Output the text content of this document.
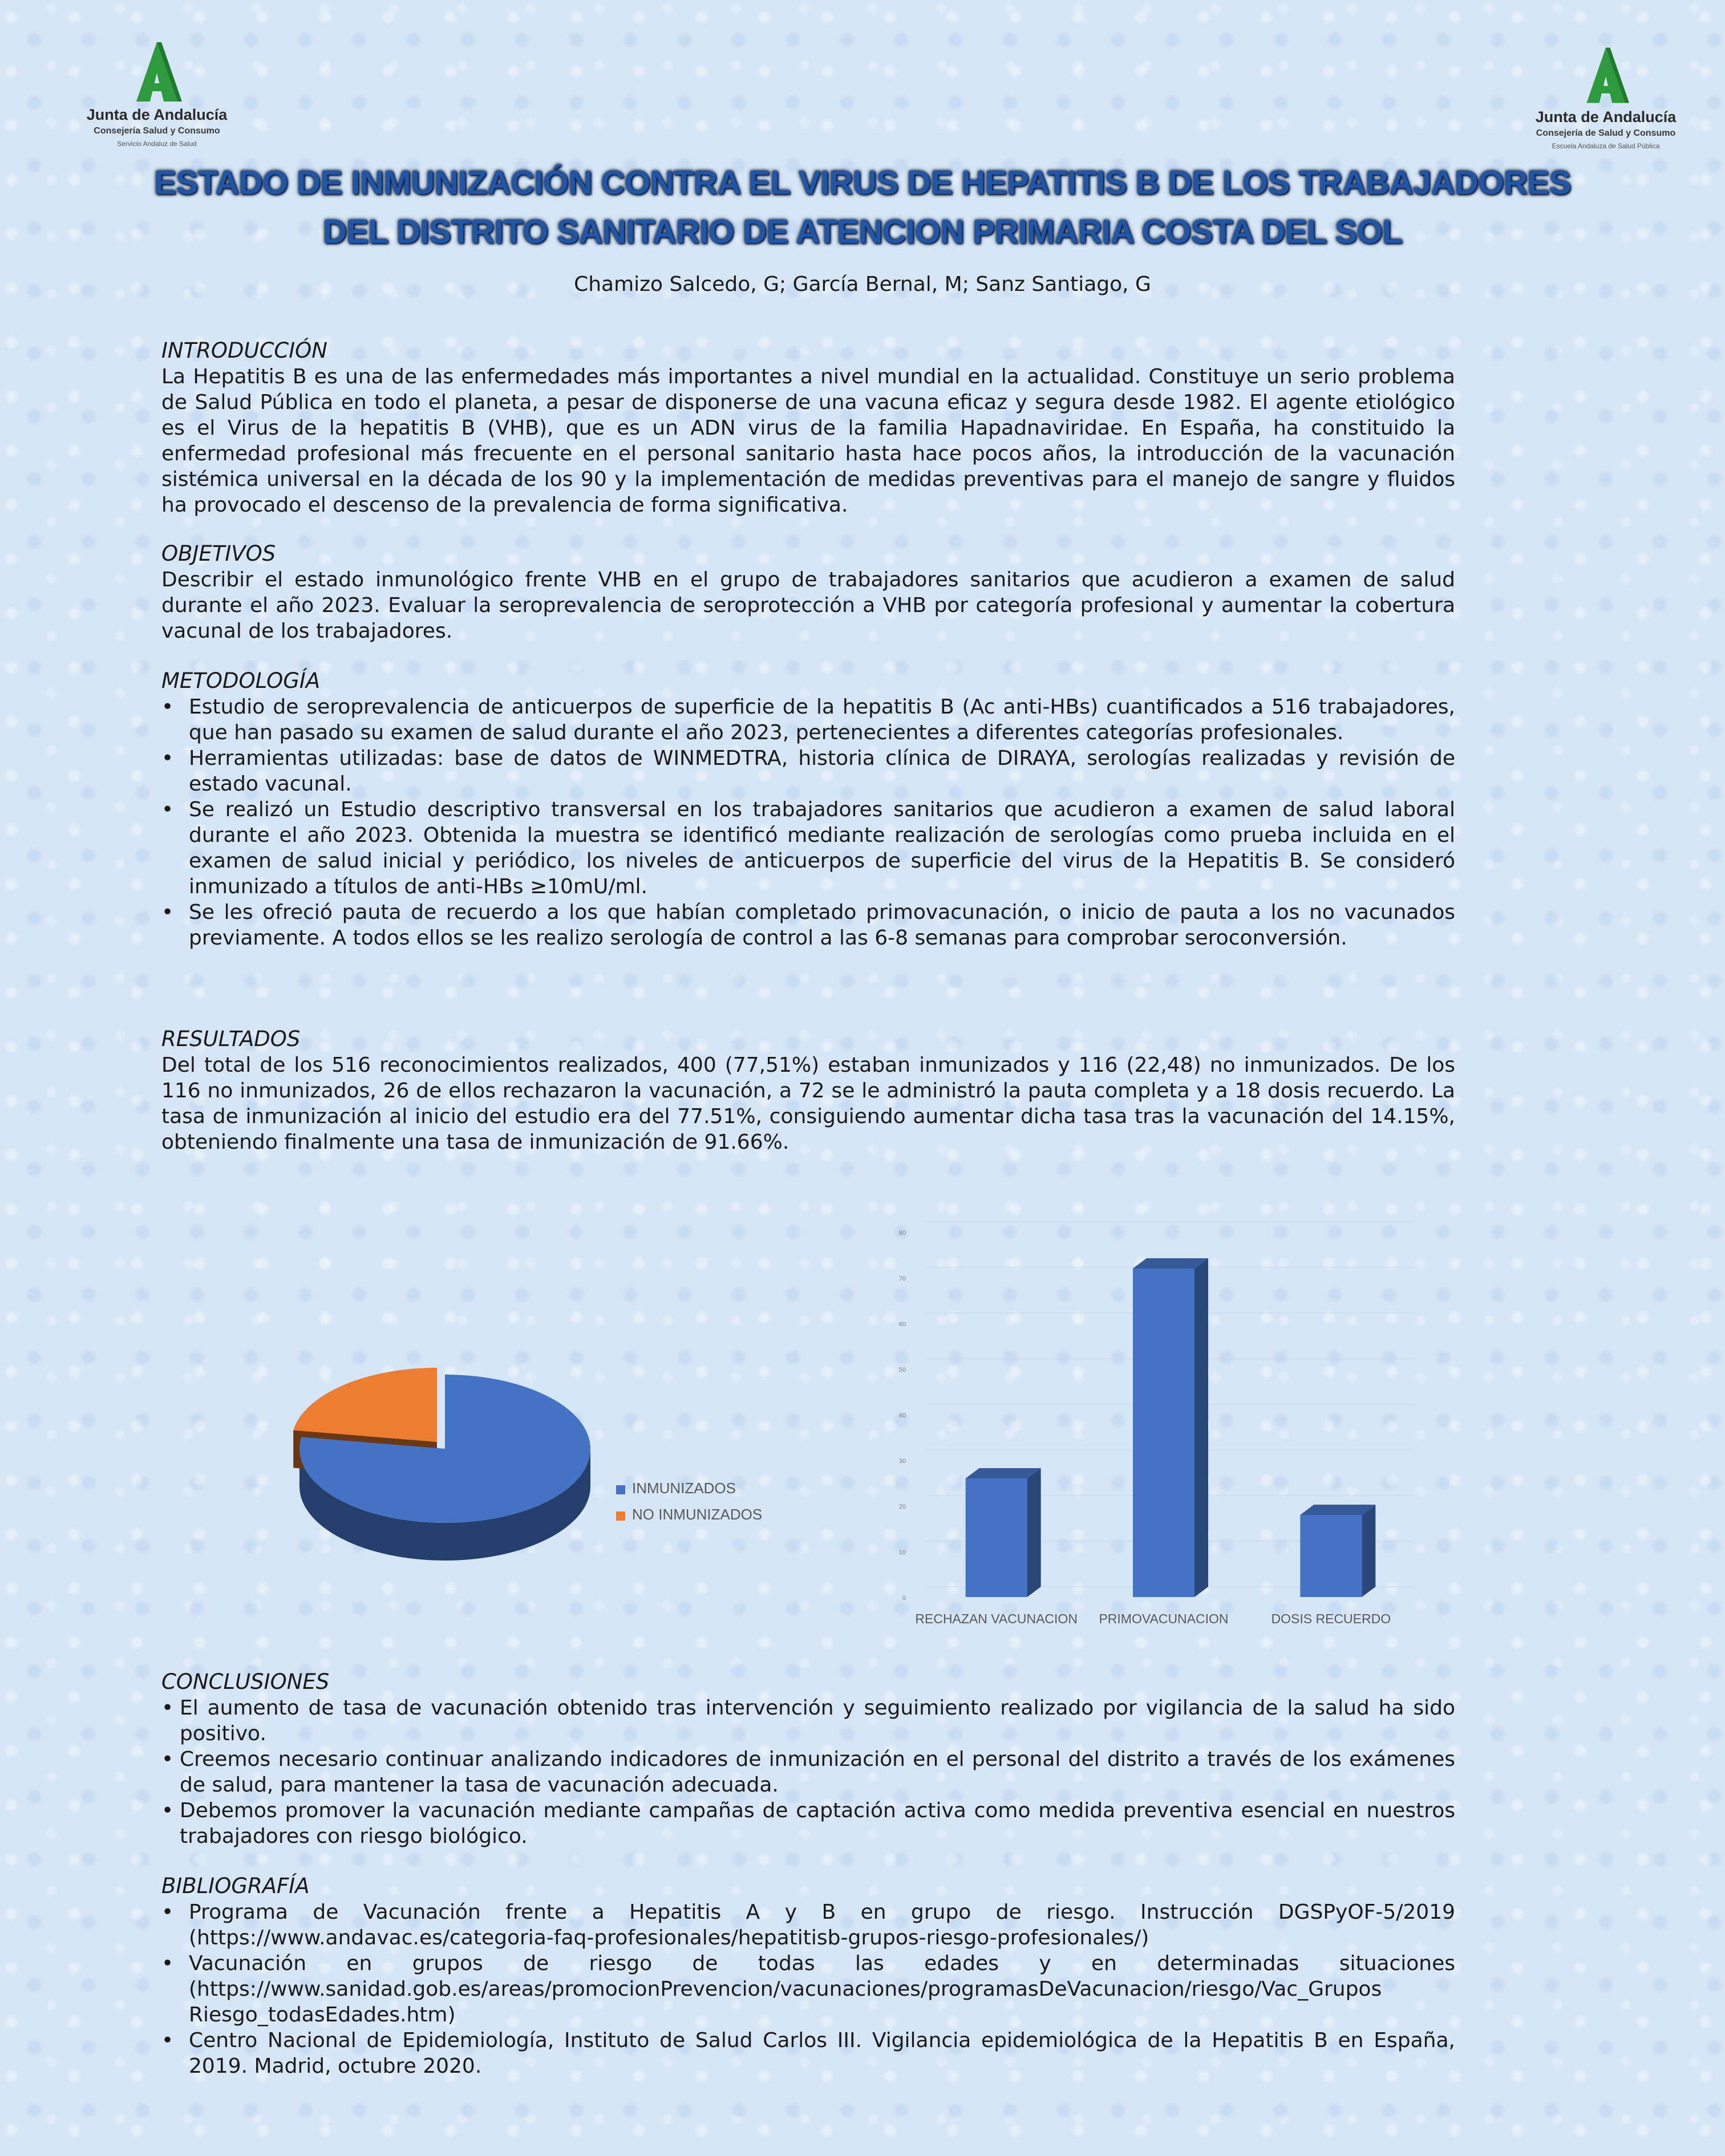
Junta de Andalucía
Consejería Salud y Consumo
Servicio Andaluz de Salud
Junta de Andalucía
Consejería de Salud y Consumo
Escuela Andaluza de Salud Pública
ESTADO DE INMUNIZACIÓN CONTRA EL VIRUS DE HEPATITIS B DE LOS TRABAJADORES
DEL DISTRITO SANITARIO DE ATENCION PRIMARIA COSTA DEL SOL
Chamizo Salcedo, G; García Bernal, M; Sanz Santiago, G
INTRODUCCIÓN

La Hepatitis B es una de las enfermedades más importantes a nivel mundial en la actualidad. Constituye un serio problema de Salud Pública en todo el planeta, a pesar de disponerse de una vacuna eficaz y segura desde 1982. El agente etiológico es el Virus de la hepatitis B (VHB), que es un ADN virus de la familia Hapadnaviridae. En España, ha constituido la enfermedad profesional más frecuente en el personal sanitario hasta hace pocos años, la introducción de la vacunación sistémica universal en la década de los 90 y la implementación de medidas preventivas para el manejo de sangre y fluidos ha provocado el descenso de la prevalencia de forma significativa.

OBJETIVOS

Describir el estado inmunológico frente VHB en el grupo de trabajadores sanitarios que acudieron a examen de salud durante el año 2023. Evaluar la seroprevalencia de seroprotección a VHB por categoría profesional y aumentar la cobertura vacunal de los trabajadores.

METODOLOGÍA
• Estudio de seroprevalencia de anticuerpos de superficie de la hepatitis B (Ac anti-HBs) cuantificados a 516 trabajadores, que han pasado su examen de salud durante el año 2023, pertenecientes a diferentes categorías profesionales.
• Herramientas utilizadas: base de datos de WINMEDTRA, historia clínica de DIRAYA, serologías realizadas y revisión de estado vacunal.
• Se realizó un Estudio descriptivo transversal en los trabajadores sanitarios que acudieron a examen de salud laboral durante el año 2023. Obtenida la muestra se identificó mediante realización de serologías como prueba incluida en el examen de salud inicial y periódico, los niveles de anticuerpos de superficie del virus de la Hepatitis B. Se consideró inmunizado a títulos de anti-HBs ≥10mU/ml.
• Se les ofreció pauta de recuerdo a los que habían completado primovacunación, o inicio de pauta a los no vacunados previamente. A todos ellos se les realizo serología de control a las 6-8 semanas para comprobar seroconversión.
RESULTADOS

Del total de los 516 reconocimientos realizados, 400 (77,51%) estaban inmunizados y 116 (22,48) no inmunizados. De los 116 no inmunizados, 26 de ellos rechazaron la vacunación, a 72 se le administró la pauta completa y a 18 dosis recuerdo. La tasa de inmunización al inicio del estudio era del 77.51%, consiguiendo aumentar dicha tasa tras la vacunación del 14.15%, obteniendo finalmente una tasa de inmunización de 91.66%.

INMUNIZADOS
NO INMUNIZADOS
0
10
20
30
40
50
60
70
80
RECHAZAN VACUNACION PRIMOVACUNACION	DOSIS RECUERDO
CONCLUSIONES
• El aumento de tasa de vacunación obtenido tras intervención y seguimiento realizado por vigilancia de la salud ha sido positivo.
• Creemos necesario continuar analizando indicadores de inmunización en el personal del distrito a través de los exámenes de salud, para mantener la tasa de vacunación adecuada.
• Debemos promover la vacunación mediante campañas de captación activa como medida preventiva esencial en nuestros trabajadores con riesgo biológico.
BIBLIOGRAFÍA
• Programa de Vacunación frente a Hepatitis A y B en grupo de riesgo. Instrucción DGSPyOF-5/2019 (https://www.andavac.es/categoria-faq-profesionales/hepatitisb-grupos-riesgo-profesionales/)
• Vacunación en grupos de riesgo de todas las edades y en determinadas situaciones (https://www.sanidad.gob.es/areas/promocionPrevencion/vacunaciones/programasDeVacunacion/riesgo/Vac_Grupos Riesgo_todasEdades.htm)
• Centro Nacional de Epidemiología, Instituto de Salud Carlos III. Vigilancia epidemiológica de la Hepatitis B en España, 2019. Madrid, octubre 2020.
